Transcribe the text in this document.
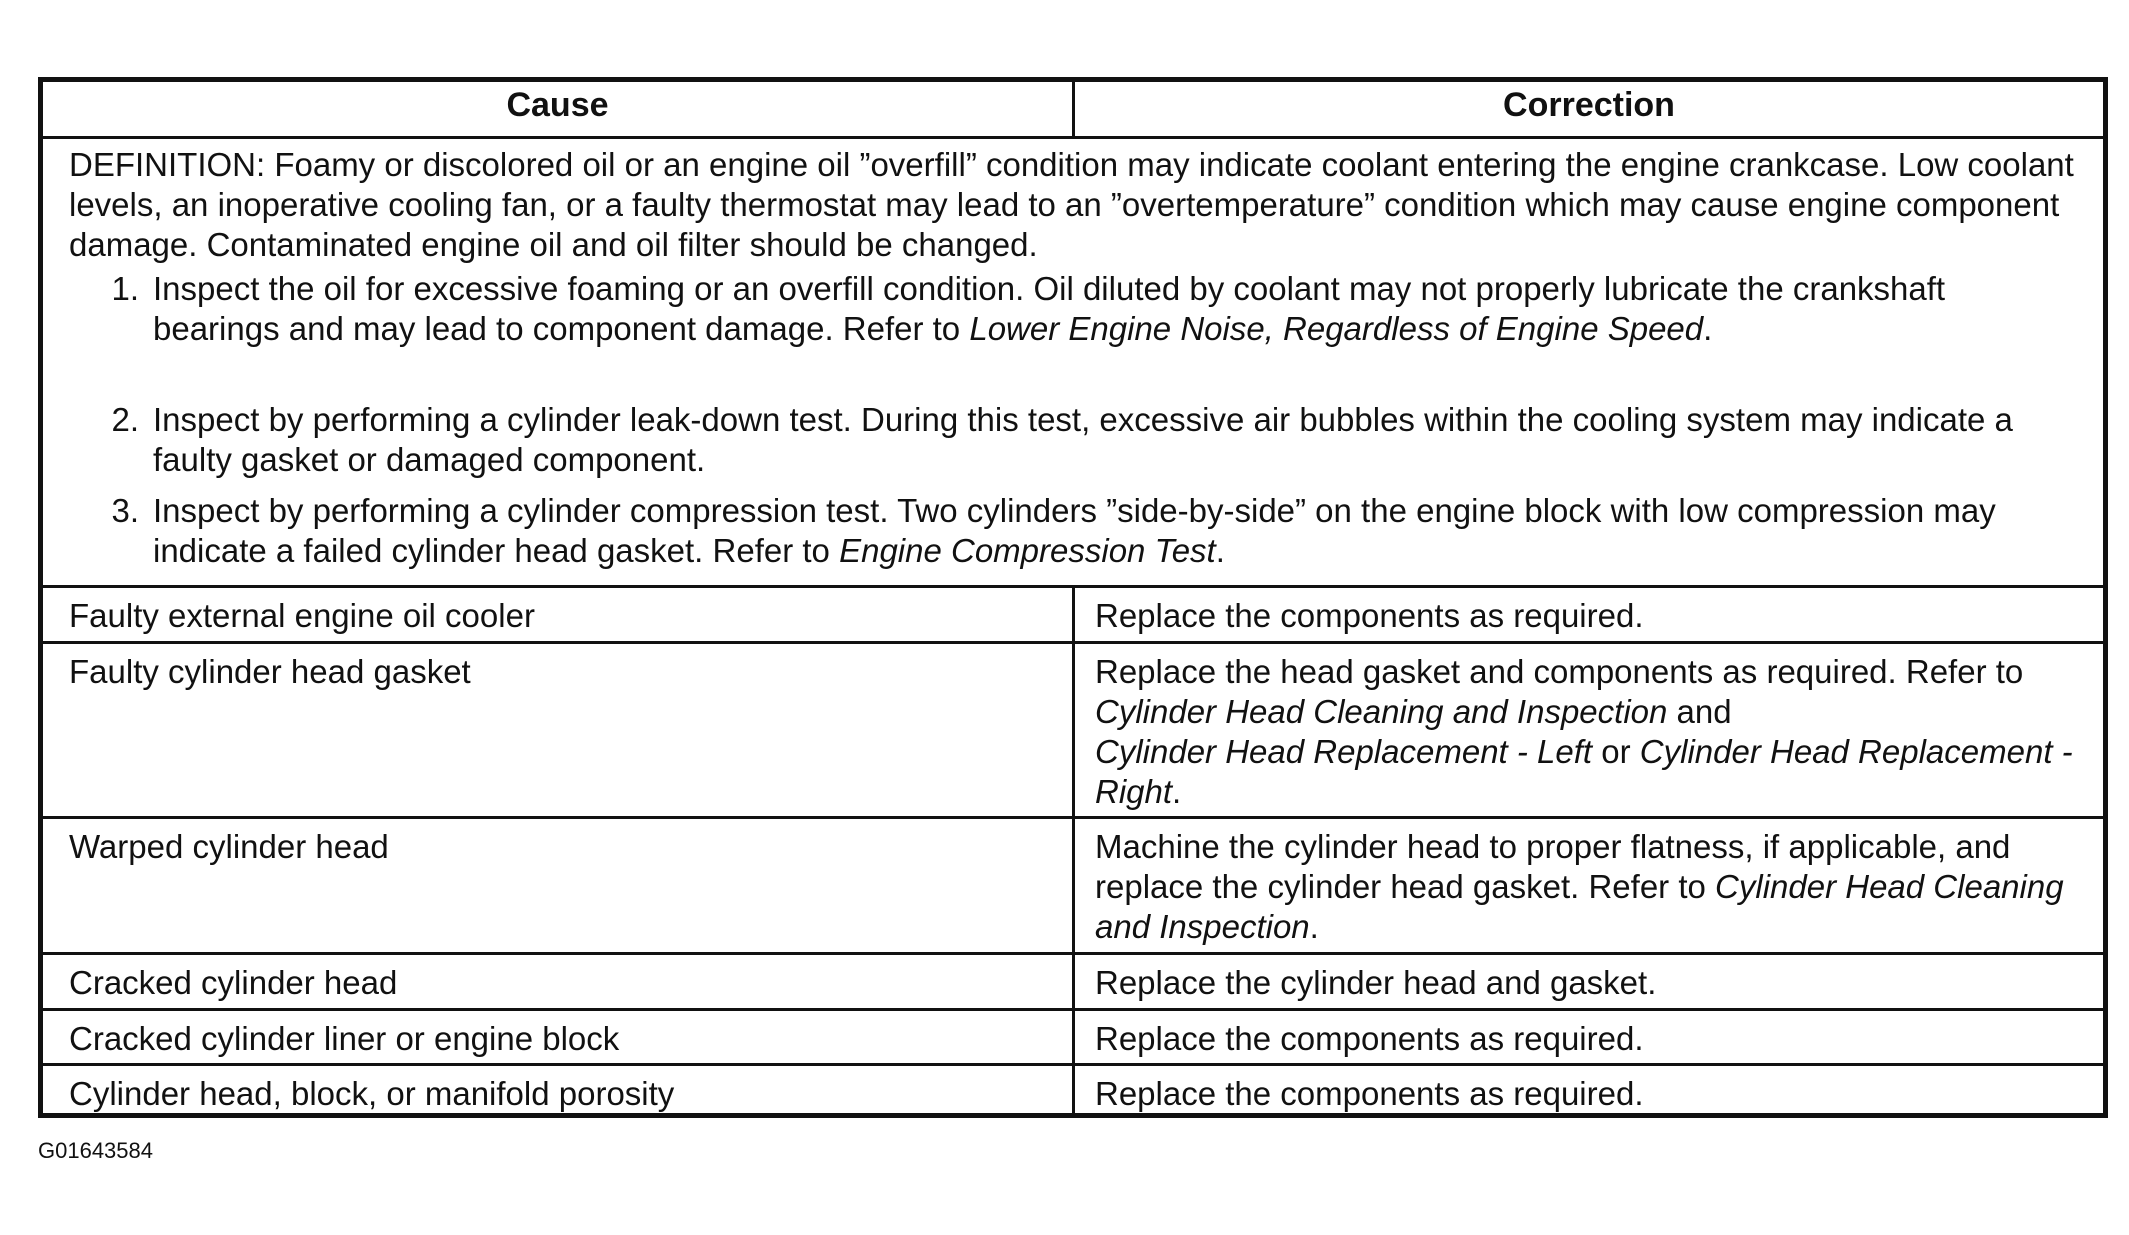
Cause	Correction
DEFINITION: Foamy or discolored oil or an engine oil ”overfill” condition may indicate coolant entering the engine crankcase. Low coolant levels, an inoperative cooling fan, or a faulty thermostat may lead to an ”overtemperature” condition which may cause engine component damage. Contaminated engine oil and oil filter should be changed.
1. Inspect the oil for excessive foaming or an overfill condition. Oil diluted by coolant may not properly lubricate the crankshaft bearings and may lead to component damage. Refer to Lower Engine Noise, Regardless of Engine Speed.
2. Inspect by performing a cylinder leak-down test. During this test, excessive air bubbles within the cooling system may indicate a faulty gasket or damaged component.
3. Inspect by performing a cylinder compression test. Two cylinders ”side-by-side” on the engine block with low compression may indicate a failed cylinder head gasket. Refer to Engine Compression Test.
Faulty external engine oil cooler	Replace the components as required.
Faulty cylinder head gasket	Replace the head gasket and components as required. Refer to Cylinder Head Cleaning and Inspection and
Cylinder Head Replacement - Left or Cylinder Head Replacement - Right.
Warped cylinder head	Machine the cylinder head to proper flatness, if applicable, and replace the cylinder head gasket. Refer to Cylinder Head Cleaning and Inspection.
Cracked cylinder head	Replace the cylinder head and gasket.
Cracked cylinder liner or engine block	Replace the components as required.
Cylinder head, block, or manifold porosity	Replace the components as required.
G01643584
